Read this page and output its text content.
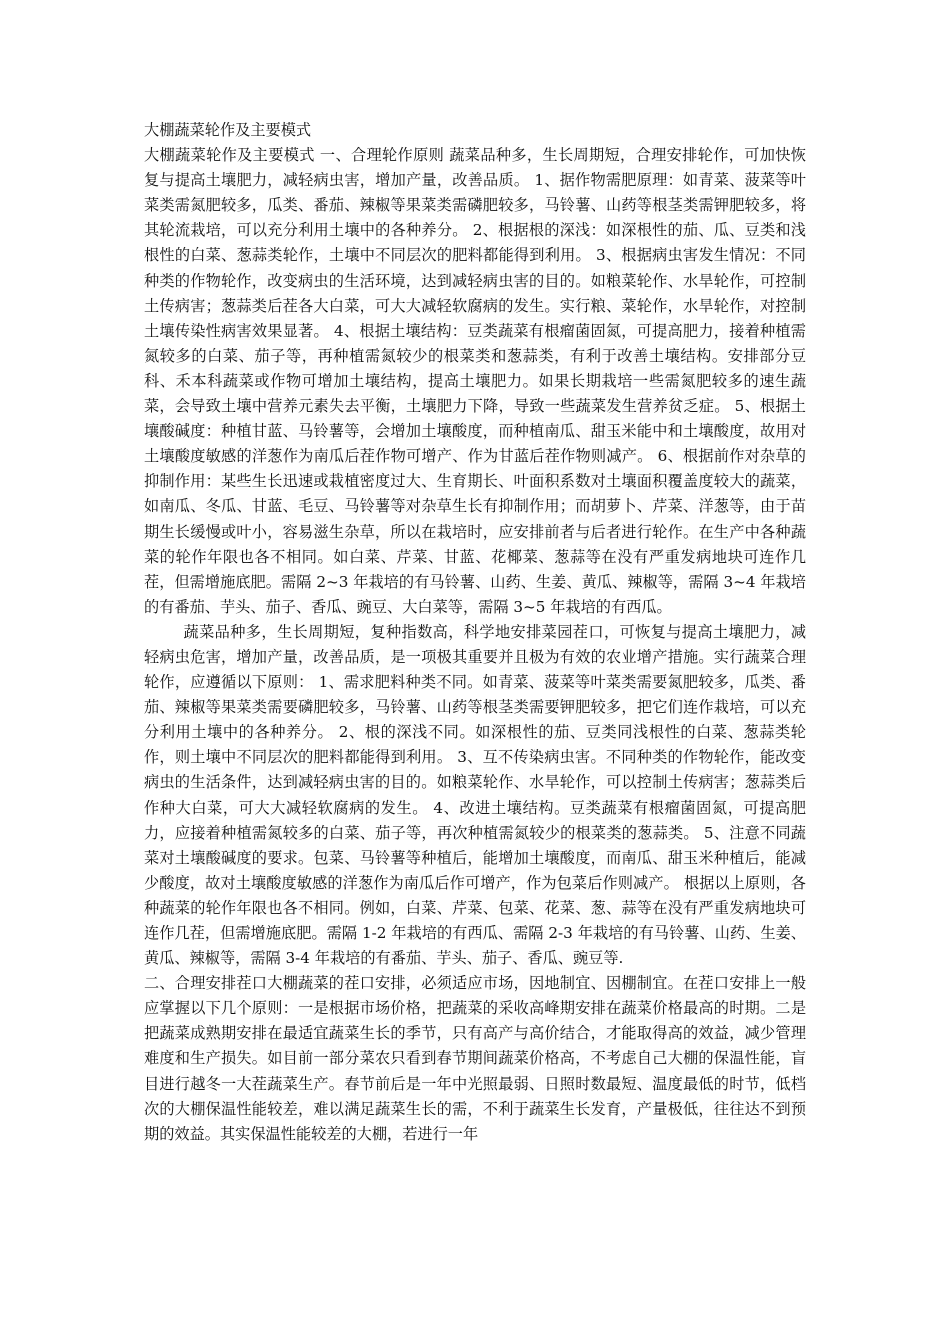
大棚蔬菜轮作及主要模式

大棚蔬菜轮作及主要模式 一、合理轮作原则 蔬菜品种多，生长周期短，合理安排轮作，可加快恢复与提高土壤肥力，减轻病虫害，增加产量，改善品质。 1、据作物需肥原理：如青菜、菠菜等叶菜类需氮肥较多，瓜类、番茄、辣椒等果菜类需磷肥较多，马铃薯、山药等根茎类需钾肥较多，将其轮流栽培，可以充分利用土壤中的各种养分。 2、根据根的深浅：如深根性的茄、瓜、豆类和浅根性的白菜、葱蒜类轮作，土壤中不同层次的肥料都能得到利用。 3、根据病虫害发生情况：不同种类的作物轮作，改变病虫的生活环境，达到减轻病虫害的目的。如粮菜轮作、水旱轮作，可控制土传病害；葱蒜类后茬各大白菜，可大大减轻软腐病的发生。实行粮、菜轮作，水旱轮作，对控制土壤传染性病害效果显著。 4、根据土壤结构：豆类蔬菜有根瘤菌固氮，可提高肥力，接着种植需氮较多的白菜、茄子等，再种植需氮较少的根菜类和葱蒜类，有利于改善土壤结构。安排部分豆科、禾本科蔬菜或作物可增加土壤结构，提高土壤肥力。如果长期栽培一些需氮肥较多的速生蔬菜，会导致土壤中营养元素失去平衡，土壤肥力下降，导致一些蔬菜发生营养贫乏症。 5、根据土壤酸碱度：种植甘蓝、马铃薯等，会增加土壤酸度，而种植南瓜、甜玉米能中和土壤酸度，故用对土壤酸度敏感的洋葱作为南瓜后茬作物可增产、作为甘蓝后茬作物则减产。 6、根据前作对杂草的抑制作用：某些生长迅速或栽植密度过大、生育期长、叶面积系数对土壤面积覆盖度较大的蔬菜，如南瓜、冬瓜、甘蓝、毛豆、马铃薯等对杂草生长有抑制作用；而胡萝卜、芹菜、洋葱等，由于苗期生长缓慢或叶小，容易滋生杂草，所以在栽培时，应安排前者与后者进行轮作。在生产中各种蔬菜的轮作年限也各不相同。如白菜、芹菜、甘蓝、花椰菜、葱蒜等在没有严重发病地块可连作几茬，但需增施底肥。需隔 2~3 年栽培的有马铃薯、山药、生姜、黄瓜、辣椒等，需隔 3~4 年栽培的有番茄、芋头、茄子、香瓜、豌豆、大白菜等，需隔 3~5 年栽培的有西瓜。

蔬菜品种多，生长周期短，复种指数高，科学地安排菜园茬口，可恢复与提高土壤肥力，减轻病虫危害，增加产量，改善品质，是一项极其重要并且极为有效的农业增产措施。实行蔬菜合理轮作，应遵循以下原则： 1、需求肥料种类不同。如青菜、菠菜等叶菜类需要氮肥较多，瓜类、番茄、辣椒等果菜类需要磷肥较多，马铃薯、山药等根茎类需要钾肥较多，把它们连作栽培，可以充分利用土壤中的各种养分。 2、根的深浅不同。如深根性的茄、豆类同浅根性的白菜、葱蒜类轮作，则土壤中不同层次的肥料都能得到利用。 3、互不传染病虫害。不同种类的作物轮作，能改变病虫的生活条件，达到减轻病虫害的目的。如粮菜轮作、水旱轮作，可以控制土传病害；葱蒜类后作种大白菜，可大大减轻软腐病的发生。 4、改进土壤结构。豆类蔬菜有根瘤菌固氮，可提高肥力，应接着种植需氮较多的白菜、茄子等，再次种植需氮较少的根菜类的葱蒜类。 5、注意不同蔬菜对土壤酸碱度的要求。包菜、马铃薯等种植后，能增加土壤酸度，而南瓜、甜玉米种植后，能减少酸度，故对土壤酸度敏感的洋葱作为南瓜后作可增产，作为包菜后作则减产。 根据以上原则，各种蔬菜的轮作年限也各不相同。例如，白菜、芹菜、包菜、花菜、葱、蒜等在没有严重发病地块可连作几茬，但需增施底肥。需隔 1-2 年栽培的有西瓜、需隔 2-3 年栽培的有马铃薯、山药、生姜、黄瓜、辣椒等，需隔 3-4 年栽培的有番茄、芋头、茄子、香瓜、豌豆等.

二、合理安排茬口大棚蔬菜的茬口安排，必须适应市场，因地制宜、因棚制宜。在茬口安排上一般应掌握以下几个原则：一是根据市场价格，把蔬菜的采收高峰期安排在蔬菜价格最高的时期。二是把蔬菜成熟期安排在最适宜蔬菜生长的季节，只有高产与高价结合，才能取得高的效益，减少管理难度和生产损失。如目前一部分菜农只看到春节期间蔬菜价格高，不考虑自己大棚的保温性能，盲目进行越冬一大茬蔬菜生产。春节前后是一年中光照最弱、日照时数最短、温度最低的时节，低档次的大棚保温性能较差，难以满足蔬菜生长的需，不利于蔬菜生长发育，产量极低，往往达不到预期的效益。其实保温性能较差的大棚，若进行一年
